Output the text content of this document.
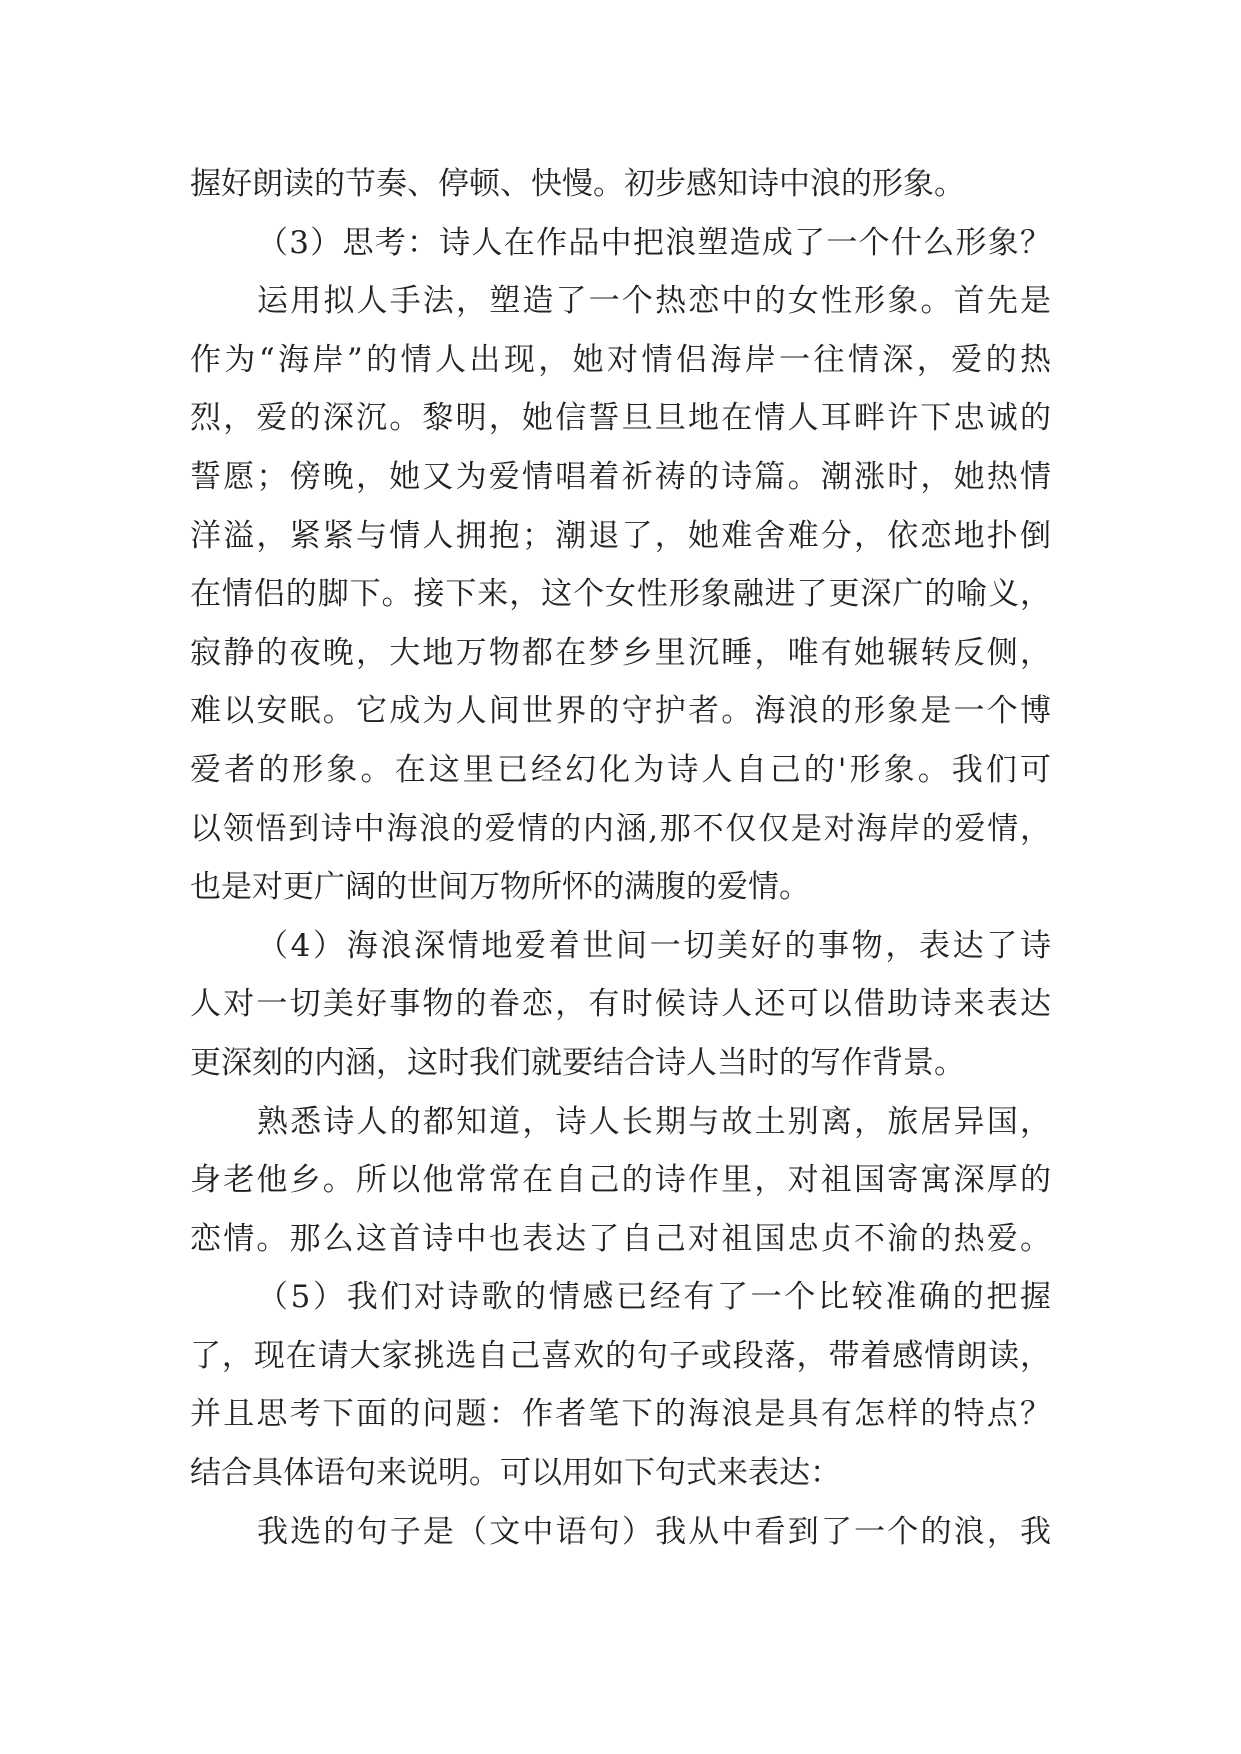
握好朗读的节奏、停顿、快慢。初步感知诗中浪的形象。
（3）思考：诗人在作品中把浪塑造成了一个什么形象？
运用拟人手法，塑造了一个热恋中的女性形象。首先是
作为“海岸”的情人出现，她对情侣海岸一往情深，爱的热
烈，爱的深沉。黎明，她信誓旦旦地在情人耳畔许下忠诚的
誓愿；傍晚，她又为爱情唱着祈祷的诗篇。潮涨时，她热情
洋溢，紧紧与情人拥抱；潮退了，她难舍难分，依恋地扑倒
在情侣的脚下。接下来，这个女性形象融进了更深广的喻义，
寂静的夜晚，大地万物都在梦乡里沉睡，唯有她辗转反侧，
难以安眠。它成为人间世界的守护者。海浪的形象是一个博
爱者的形象。在这里已经幻化为诗人自己的'形象。我们可
以领悟到诗中海浪的爱情的内涵,那不仅仅是对海岸的爱情，
也是对更广阔的世间万物所怀的满腹的爱情。
（4）海浪深情地爱着世间一切美好的事物，表达了诗
人对一切美好事物的眷恋，有时候诗人还可以借助诗来表达
更深刻的内涵，这时我们就要结合诗人当时的写作背景。
熟悉诗人的都知道，诗人长期与故土别离，旅居异国，
身老他乡。所以他常常在自己的诗作里，对祖国寄寓深厚的
恋情。那么这首诗中也表达了自己对祖国忠贞不渝的热爱。
（5）我们对诗歌的情感已经有了一个比较准确的把握
了，现在请大家挑选自己喜欢的句子或段落，带着感情朗读，
并且思考下面的问题：作者笔下的海浪是具有怎样的特点？
结合具体语句来说明。可以用如下句式来表达：
我选的句子是（文中语句）我从中看到了一个的浪，我
